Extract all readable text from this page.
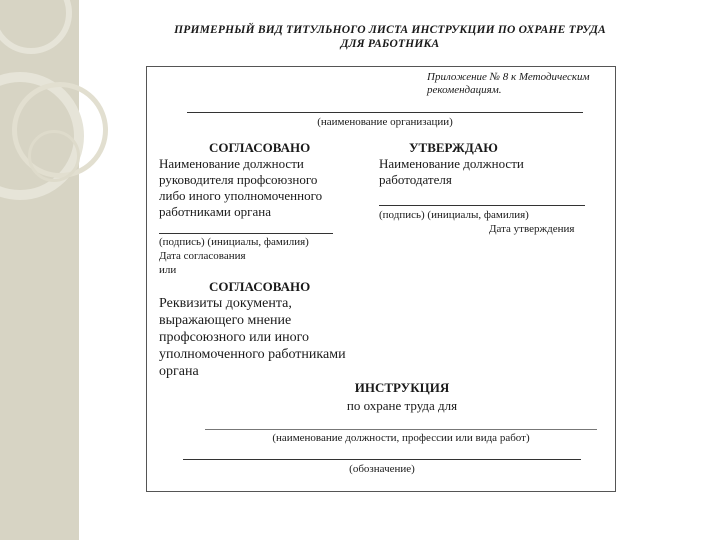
ПРИМЕРНЫЙ ВИД ТИТУЛЬНОГО ЛИСТА ИНСТРУКЦИИ ПО ОХРАНЕ ТРУДА
ДЛЯ РАБОТНИКА
Приложение № 8 к Методическим
рекомендациям.
(наименование организации)
СОГЛАСОВАНО
Наименование должности
руководителя профсоюзного
либо иного уполномоченного
работниками органа
(подпись) (инициалы, фамилия)
Дата согласования
или
УТВЕРЖДАЮ
Наименование должности
работодателя
(подпись) (инициалы, фамилия)
Дата утверждения
СОГЛАСОВАНО
Реквизиты документа,
выражающего мнение
профсоюзного или иного
уполномоченного работниками
органа
ИНСТРУКЦИЯ
по охране труда для
(наименование должности, профессии или вида работ)
(обозначение)
